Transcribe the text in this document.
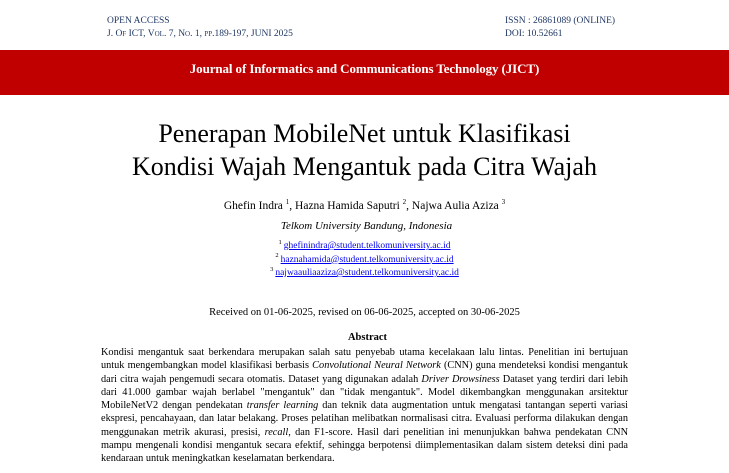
OPEN ACCESS
J. Of ICT, Vol. 7, No. 1, pp.189-197, JUNI 2025
ISSN : 26861089 (ONLINE)
DOI: 10.52661
Journal of Informatics and Communications Technology (JICT)
Penerapan MobileNet untuk Klasifikasi
Kondisi Wajah Mengantuk pada Citra Wajah
Ghefin Indra $^1$, Hazna Hamida Saputri $^2$, Najwa Aulia Aziza $^3$
Telkom University Bandung, Indonesia
$^1$ ghefinindra@student.telkomuniversity.ac.id
$^2$ haznahamida@student.telkomuniversity.ac.id
$^3$ najwaauliaaziza@student.telkomuniversity.ac.id
Received on 01-06-2025, revised on 06-06-2025, accepted on 30-06-2025
Abstract
Kondisi mengantuk saat berkendara merupakan salah satu penyebab utama kecelakaan lalu lintas. Penelitian ini bertujuan untuk mengembangkan model klasifikasi berbasis Convolutional Neural Network (CNN) guna mendeteksi kondisi mengantuk dari citra wajah pengemudi secara otomatis. Dataset yang digunakan adalah Driver Drowsiness Dataset yang terdiri dari lebih dari 41.000 gambar wajah berlabel "mengantuk" dan "tidak mengantuk". Model dikembangkan menggunakan arsitektur MobileNetV2 dengan pendekatan transfer learning dan teknik data augmentation untuk mengatasi tantangan seperti variasi ekspresi, pencahayaan, dan latar belakang. Proses pelatihan melibatkan normalisasi citra. Evaluasi performa dilakukan dengan menggunakan metrik akurasi, presisi, recall, dan F1-score. Hasil dari penelitian ini menunjukkan bahwa pendekatan CNN mampu mengenali kondisi mengantuk secara efektif, sehingga berpotensi diimplementasikan dalam sistem deteksi dini pada kendaraan untuk meningkatkan keselamatan berkendara.
